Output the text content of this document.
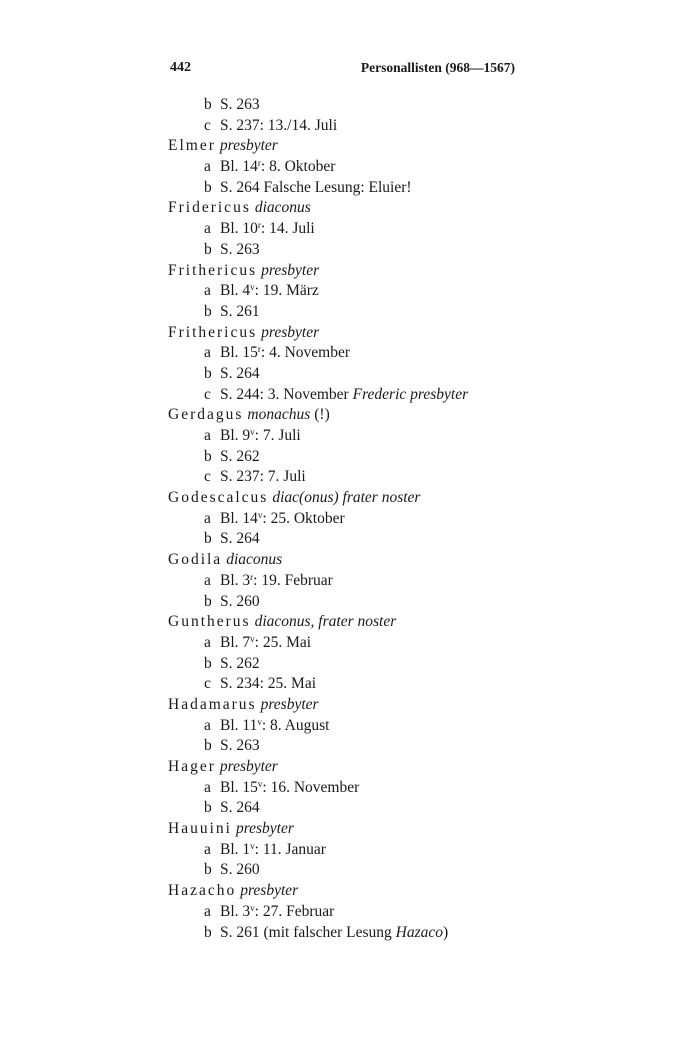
442	Personallisten (968—1567)
b S. 263
c S. 237: 13./14. Juli
Elmer presbyter
a Bl. 14$^r$: 8. Oktober
b S. 264 Falsche Lesung: Eluier!
Fridericus diaconus
a Bl. 10$^r$: 14. Juli
b S. 263
Frithericus presbyter
a Bl. 4$^v$: 19. März
b S. 261
Frithericus presbyter
a Bl. 15$^r$: 4. November
b S. 264
c S. 244: 3. November Frederic presbyter
Gerdagus monachus (!)
a Bl. 9$^v$: 7. Juli
b S. 262
c S. 237: 7. Juli
Godescalcus diac(onus) frater noster
a Bl. 14$^v$: 25. Oktober
b S. 264
Godila diaconus
a Bl. 3$^r$: 19. Februar
b S. 260
Guntherus diaconus, frater noster
a Bl. 7$^v$: 25. Mai
b S. 262
c S. 234: 25. Mai
Hadamarus presbyter
a Bl. 11$^v$: 8. August
b S. 263
Hager presbyter
a Bl. 15$^v$: 16. November
b S. 264
Hauuini presbyter
a Bl. 1$^v$: 11. Januar
b S. 260
Hazacho presbyter
a Bl. 3$^v$: 27. Februar
b S. 261 (mit falscher Lesung Hazaco)
